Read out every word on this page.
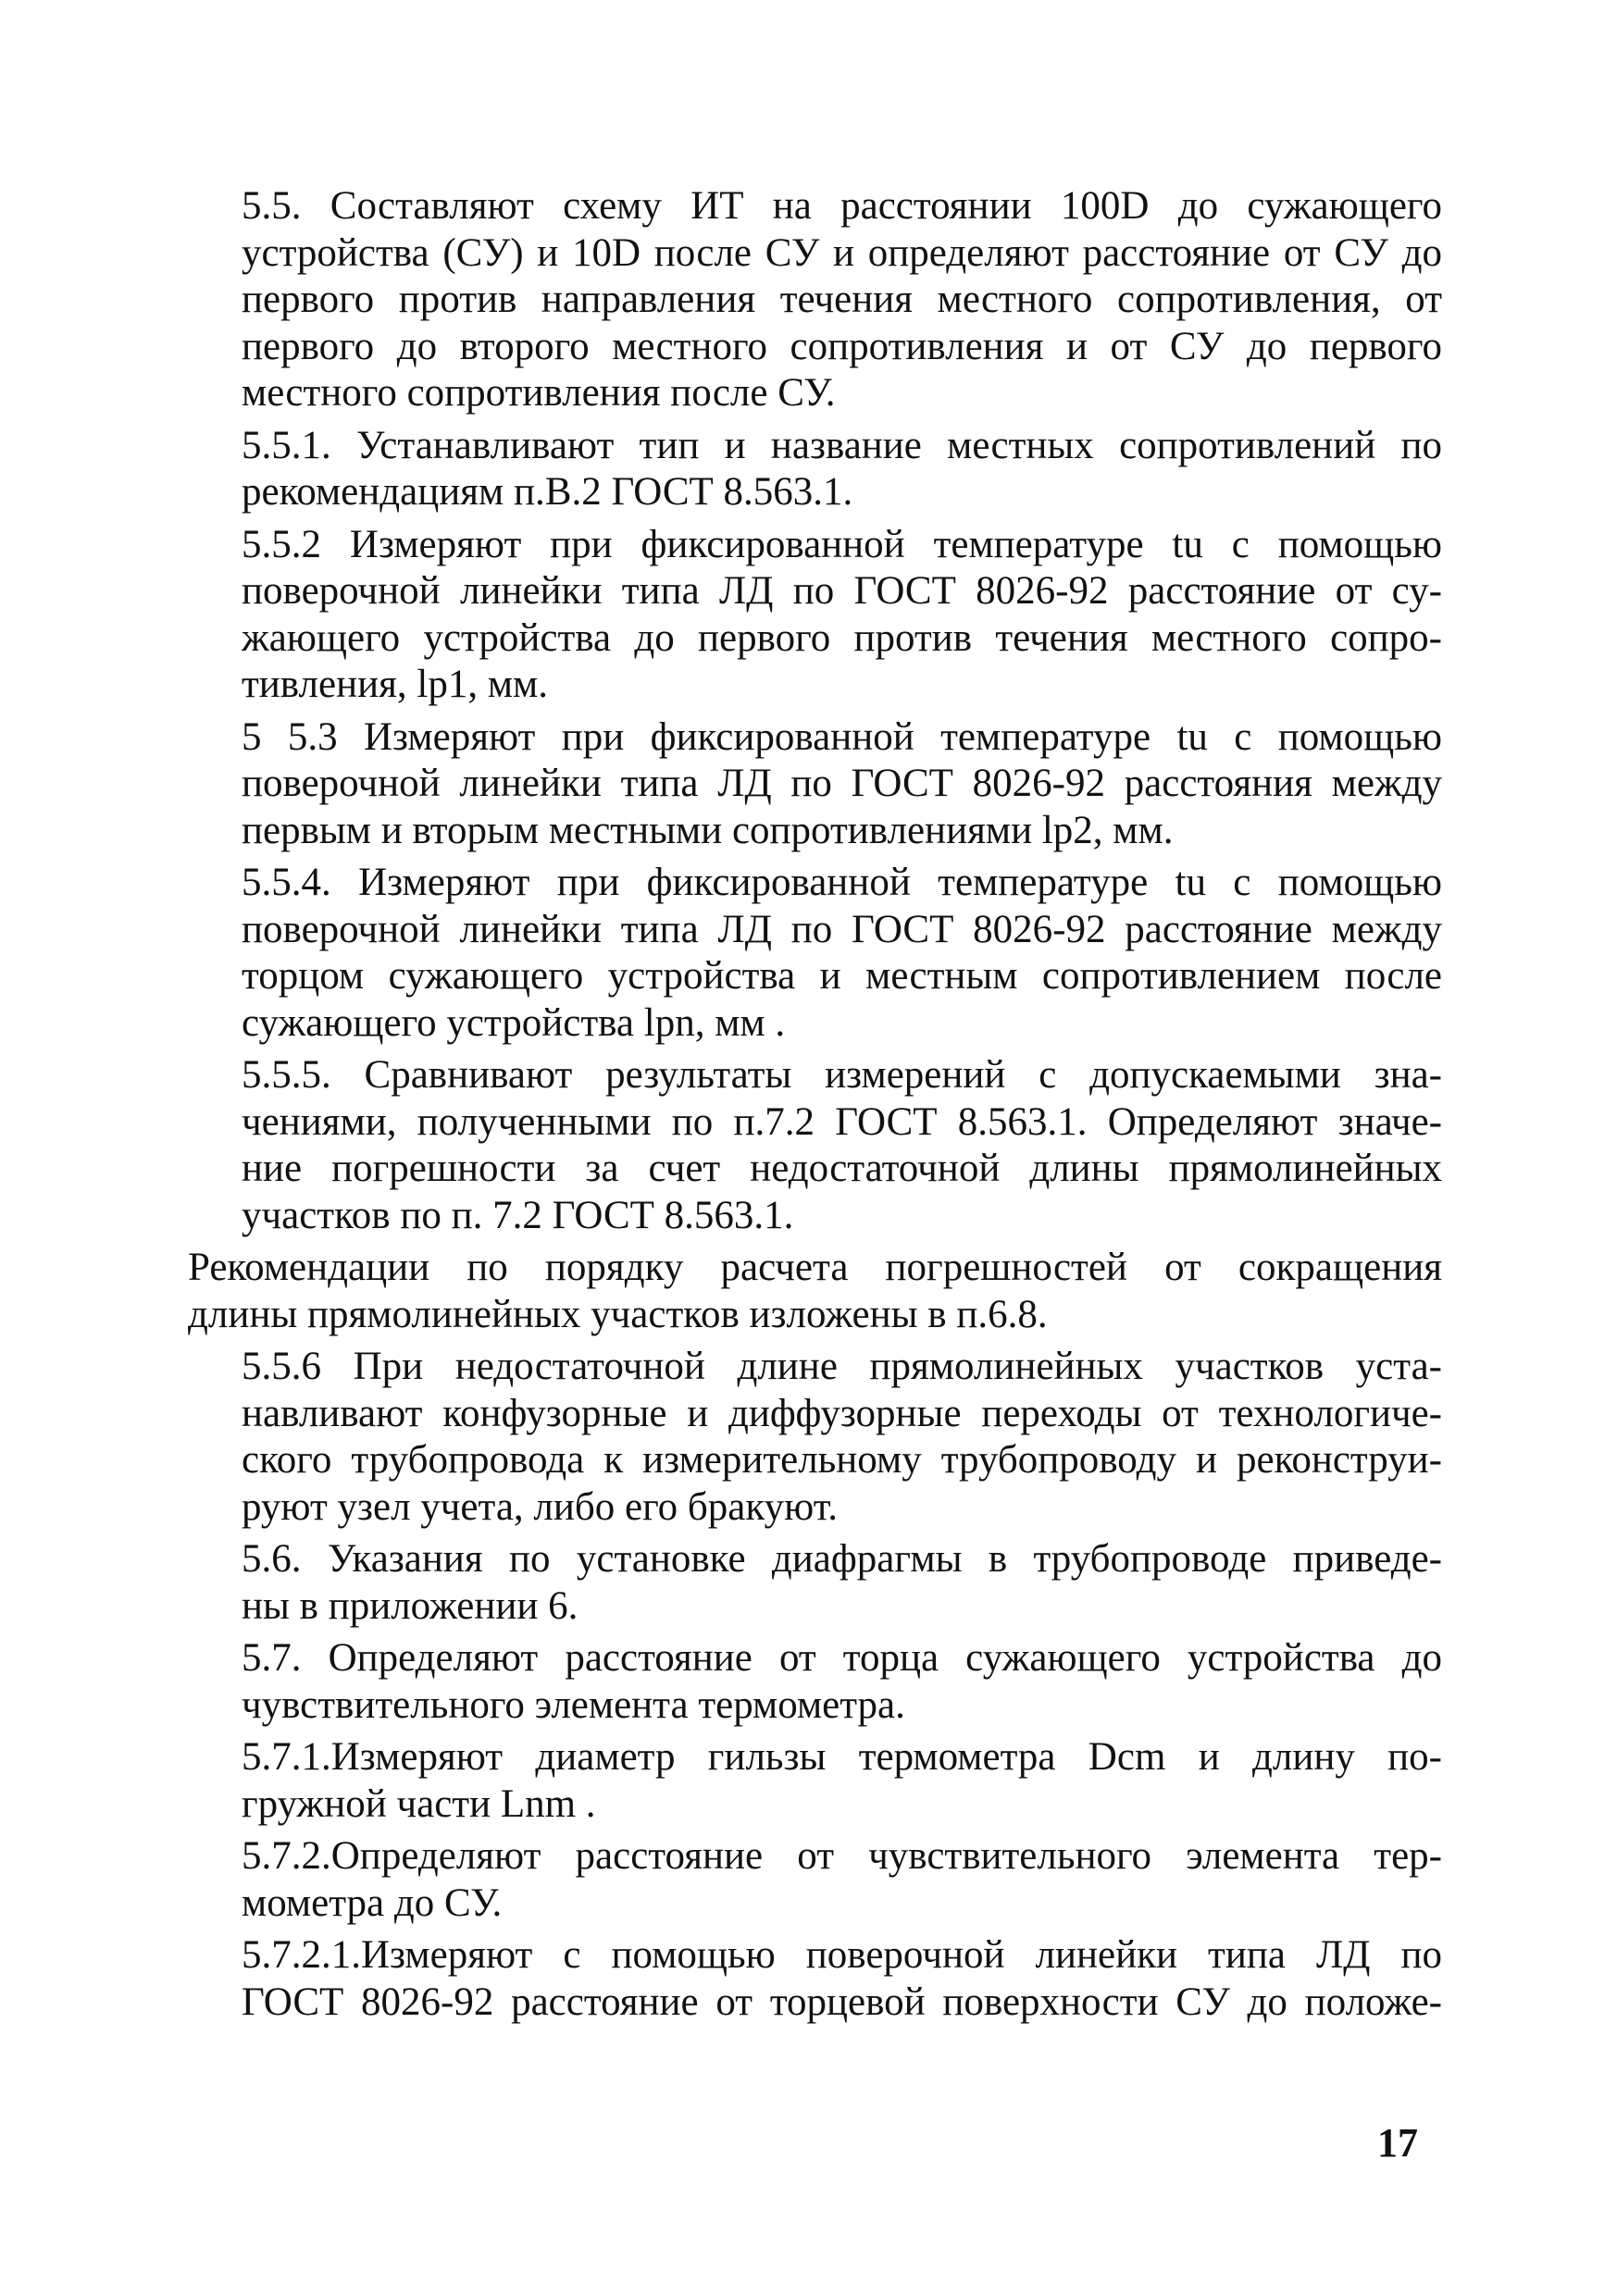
5.5. Составляют схему ИТ на расстоянии 100D до сужающего
устройства (СУ) и 10D после СУ и определяют расстояние от СУ до
первого против направления течения местного сопротивления, от
первого до второго местного сопротивления и от СУ до первого
местного сопротивления после СУ.

5.5.1. Устанавливают тип и название местных сопротивлений по
рекомендациям п.В.2 ГОСТ 8.563.1.

5.5.2 Измеряют при фиксированной температуре tu с помощью
поверочной линейки типа ЛД по ГОСТ 8026-92 расстояние от су-
жающего устройства до первого против течения местного сопро-
тивления, lp1, мм.

5 5.3 Измеряют при фиксированной температуре tu с помощью
поверочной линейки типа ЛД по ГОСТ 8026-92 расстояния между
первым и вторым местными сопротивлениями lp2, мм.

5.5.4. Измеряют при фиксированной температуре tu с помощью
поверочной линейки типа ЛД по ГОСТ 8026-92 расстояние между
торцом сужающего устройства и местным сопротивлением после
сужающего устройства lpn, мм .

5.5.5. Сравнивают результаты измерений с допускаемыми зна-
чениями, полученными по п.7.2 ГОСТ 8.563.1. Определяют значе-
ние погрешности за счет недостаточной длины прямолинейных
участков по п. 7.2 ГОСТ 8.563.1.

Рекомендации по порядку расчета погрешностей от сокращения
длины прямолинейных участков изложены в п.6.8.

5.5.6 При недостаточной длине прямолинейных участков уста-
навливают конфузорные и диффузорные переходы от технологиче-
ского трубопровода к измерительному трубопроводу и реконструи-
руют узел учета, либо его бракуют.

5.6. Указания по установке диафрагмы в трубопроводе приведе-
ны в приложении 6.

5.7. Определяют расстояние от торца сужающего устройства до
чувствительного элемента термометра.

5.7.1.Измеряют диаметр гильзы термометра Dcm и длину по-
гружной части Lnm .

5.7.2.Определяют расстояние от чувствительного элемента тер-
мометра до СУ.

5.7.2.1.Измеряют с помощью поверочной линейки типа ЛД по
ГОСТ 8026-92 расстояние от торцевой поверхности СУ до положе-

17
